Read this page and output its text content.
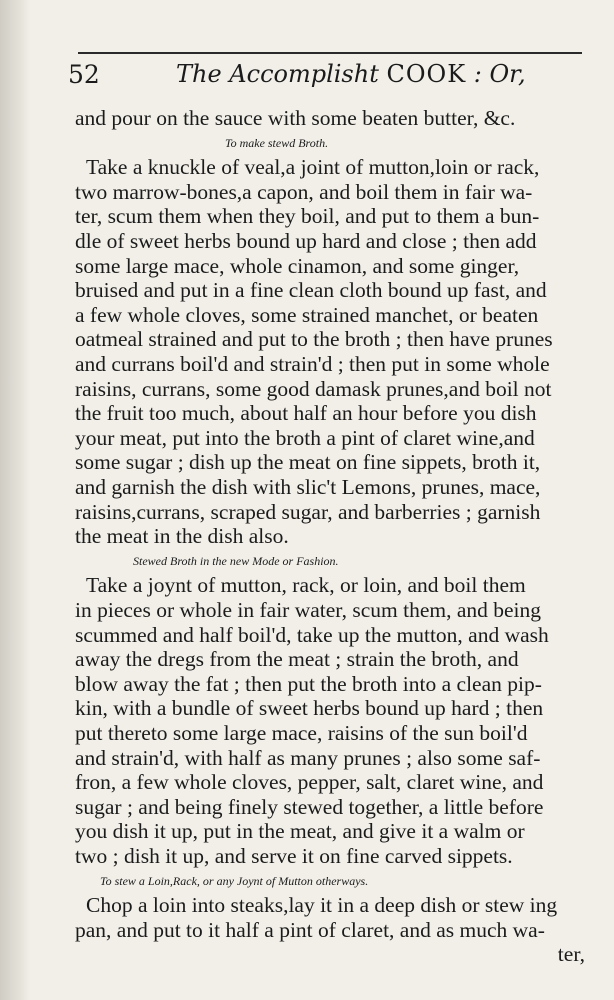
52	The Accomplisht COOK : Or,
and pour on the sauce with some beaten butter, &c.
To make stewd Broth.
Take a knuckle of veal,a joint of mutton,loin or rack,
two marrow-bones,a capon, and boil them in fair wa-
ter, scum them when they boil, and put to them a bun-
dle of sweet herbs bound up hard and close ; then add
some large mace, whole cinamon, and some ginger,
bruised and put in a fine clean cloth bound up fast, and
a few whole cloves, some strained manchet, or beaten
oatmeal strained and put to the broth ; then have prunes
and currans boil'd and strain'd ; then put in some whole
raisins, currans, some good damask prunes,and boil not
the fruit too much, about half an hour before you dish
your meat, put into the broth a pint of claret wine,and
some sugar ; dish up the meat on fine sippets, broth it,
and garnish the dish with slic't Lemons, prunes, mace,
raisins,currans, scraped sugar, and barberries ; garnish
the meat in the dish also.
Stewed Broth in the new Mode or Fashion.
Take a joynt of mutton, rack, or loin, and boil them
in pieces or whole in fair water, scum them, and being
scummed and half boil'd, take up the mutton, and wash
away the dregs from the meat ; strain the broth, and
blow away the fat ; then put the broth into a clean pip-
kin, with a bundle of sweet herbs bound up hard ; then
put thereto some large mace, raisins of the sun boil'd
and strain'd, with half as many prunes ; also some saf-
fron, a few whole cloves, pepper, salt, claret wine, and
sugar ; and being finely stewed together, a little before
you dish it up, put in the meat, and give it a walm or
two ; dish it up, and serve it on fine carved sippets.
To stew a Loin,Rack, or any Joynt of Mutton otherways.
Chop a loin into steaks,lay it in a deep dish or stew ing
pan, and put to it half a pint of claret, and as much wa-
ter,
